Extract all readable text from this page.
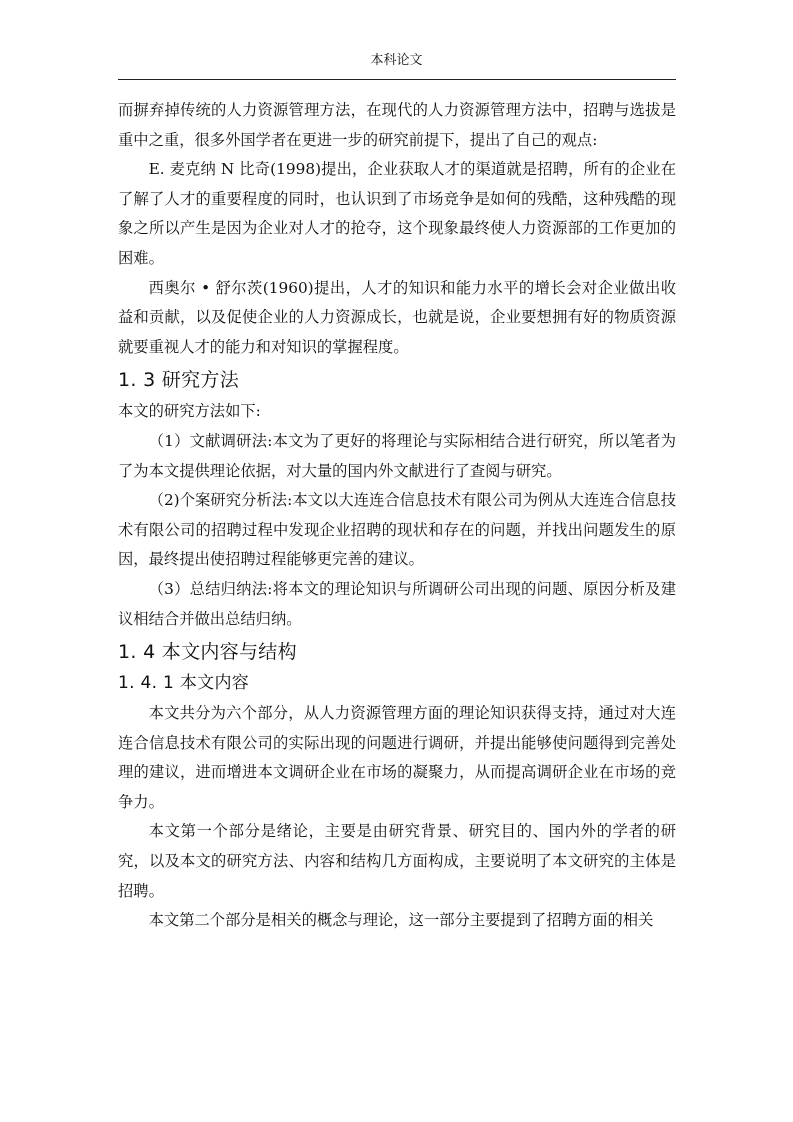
本科论文

而摒弃掉传统的人力资源管理方法，在现代的人力资源管理方法中，招聘与选拔是重中之重，很多外国学者在更进一步的研究前提下，提出了自己的观点:

E. 麦克纳 N 比奇(1998)提出，企业获取人才的渠道就是招聘，所有的企业在了解了人才的重要程度的同时，也认识到了市场竞争是如何的残酷，这种残酷的现象之所以产生是因为企业对人才的抢夺，这个现象最终使人力资源部的工作更加的困难。

西奥尔 • 舒尔茨(1960)提出，人才的知识和能力水平的增长会对企业做出收益和贡献，以及促使企业的人力资源成长，也就是说，企业要想拥有好的物质资源就要重视人才的能力和对知识的掌握程度。

1. 3 研究方法

本文的研究方法如下:

（1）文献调研法:本文为了更好的将理论与实际相结合进行研究，所以笔者为了为本文提供理论依据，对大量的国内外文献进行了查阅与研究。

（2)个案研究分析法:本文以大连连合信息技术有限公司为例从大连连合信息技术有限公司的招聘过程中发现企业招聘的现状和存在的问题，并找出问题发生的原因，最终提出使招聘过程能够更完善的建议。

（3）总结归纳法:将本文的理论知识与所调研公司出现的问题、原因分析及建议相结合并做出总结归纳。

1. 4 本文内容与结构
1. 4. 1 本文内容

本文共分为六个部分，从人力资源管理方面的理论知识获得支持，通过对大连连合信息技术有限公司的实际出现的问题进行调研，并提出能够使问题得到完善处理的建议，进而增进本文调研企业在市场的凝聚力，从而提高调研企业在市场的竞争力。

本文第一个部分是绪论，主要是由研究背景、研究目的、国内外的学者的研究，以及本文的研究方法、内容和结构几方面构成，主要说明了本文研究的主体是招聘。

本文第二个部分是相关的概念与理论，这一部分主要提到了招聘方面的相关
